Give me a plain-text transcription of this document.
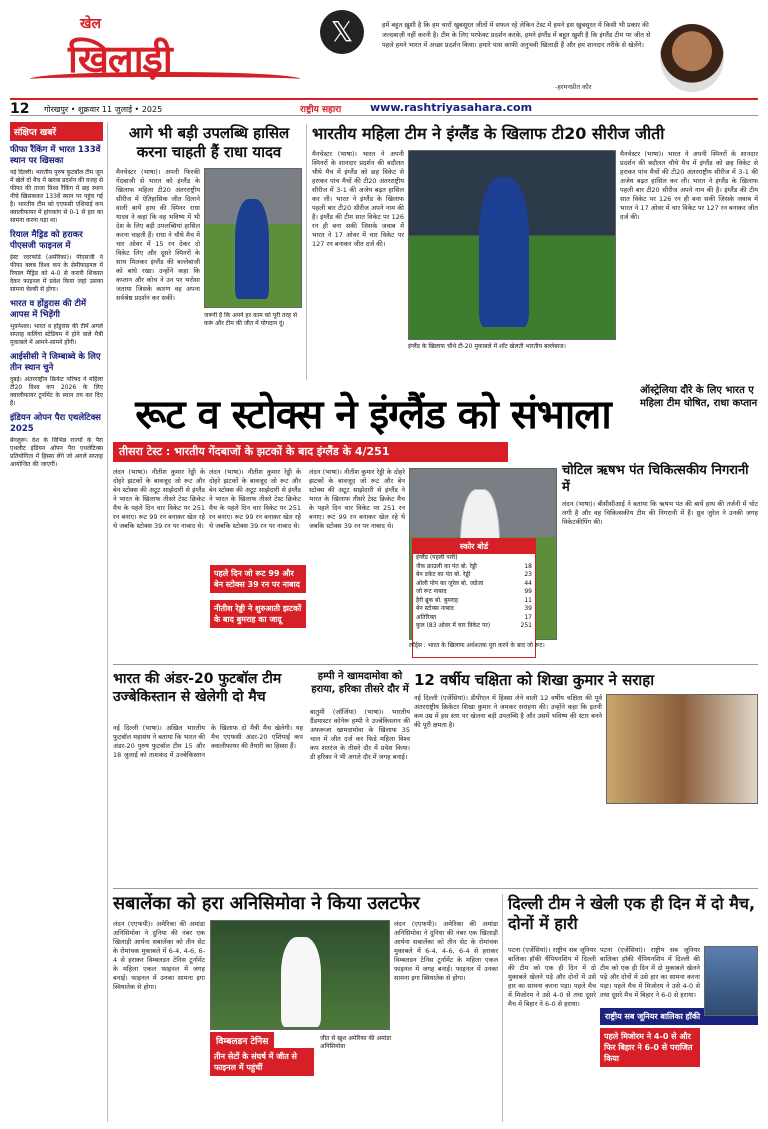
खेल
खिलाड़ी
𝕏	हमें बहुत ख़ुशी है कि हम चारों खुबसूरत जीतों में सफल रहे लेकिन टेस्ट में हमने इस खुबसूरत में किसी भी प्रकार की जल्दबाज़ी नहीं करनी है। टीम के लिए परफेक्ट प्रदर्शन करके, हमने इंग्लैंड में बहुत खुशी है कि इंग्लैंड टीम पर जीत से पहले हमने भारत में अच्छा प्रदर्शन किया। हमारे पास काफी अनुभवी खिलाड़ी हैं और हम शानदार तरीके से खेलेंगे।
-हरमनप्रीत कौर
12 गोरखपुर • शुक्रवार 11 जुलाई • 2025	राष्ट्रीय सहारा	www.rashtriyasahara.com
संक्षिप्त खबरें
फीफा रैंकिंग में भारत 133वें स्थान पर खिसका

नई दिल्ली। भारतीय पुरुष फुटबॉल टीम जून में खेले दो मैच में खराब प्रदर्शन की वजह से फीफा की ताजा विश्व रैंकिंग में छह स्थान नीचे खिसककर 133वें स्थान पर पहुंच गई है। भारतीय टीम को एएफसी एशियाई कप क्वालीफायर में हांगकांग से 0-1 से हार का सामना करना पड़ा था।

रियाल मैड्रिड को हराकर पीएसजी फाइनल में

ईस्ट रदरफोर्ड (अमेरिका)। पीएसजी ने फीफा क्लब विश्व कप के सेमीफाइनल में रियाल मैड्रिड को 4-0 से करारी शिकस्त देकर फाइनल में प्रवेश किया जहां उसका सामना चेल्सी से होगा।

भारत व होंडुरास की टीमें आपस में भिड़ेंगी

भुवनेश्वर। भारत व होंडुरास की टीमें अगले सप्ताह कलिंगा स्टेडियम में होने वाले मैत्री मुकाबले में आमने-सामने होंगी।

आईसीसी ने जिम्बाब्वे के लिए तीन स्थान चुने

दुबई। अंतरराष्ट्रीय क्रिकेट परिषद ने महिला टी20 विश्व कप 2026 के लिए क्वालीफायर टूर्नामेंट के स्थान तय कर दिए हैं।

इंडियन ओपन पैरा एथलेटिक्स 2025

बेंगलुरू। देश के विभिन्न राज्यों के पैरा एथलीट इंडियन ओपन पैरा एथलेटिक्स प्रतियोगिता में हिस्सा लेंगे जो अगले सप्ताह आयोजित की जाएगी।

आगे भी बड़ी उपलब्धि हासिल करना चाहती हैं राधा यादव
मैनचेस्टर (भाषा)। अपनी फिरकी गेंदबाजी से भारत को इंग्लैंड के खिलाफ महिला टी20 अंतरराष्ट्रीय सीरीज में ऐतिहासिक जीत दिलाने वाली बायें हाथ की स्पिनर राधा यादव ने कहा कि वह भविष्य में भी देश के लिए बड़ी उपलब्धियां हासिल करना चाहती हैं। राधा ने चौथे मैच में चार ओवर में 15 रन देकर दो विकेट लिए और दूसरे स्पिनरों के साथ मिलकर इंग्लैंड की बल्लेबाजी को बांधे रखा। उन्होंने कहा कि कप्तान और कोच ने उन पर भरोसा जताया जिसके कारण वह अपना सर्वश्रेष्ठ प्रदर्शन कर सकीं।
जरूरी है कि अपने हर काम को पूरी तरह से करूं और टीम की जीत में योगदान दूं।
भारतीय महिला टीम ने इंग्लैंड के खिलाफ टी20 सीरीज जीती
मैनचेस्टर (भाषा)। भारत ने अपनी स्पिनरों के शानदार प्रदर्शन की बदौलत चौथे मैच में इंग्लैंड को छह विकेट से हराकर पांच मैचों की टी20 अंतरराष्ट्रीय सीरीज में 3-1 की अजेय बढ़त हासिल कर ली। भारत ने इंग्लैंड के खिलाफ पहली बार टी20 सीरीज अपने नाम की है। इंग्लैंड की टीम सात विकेट पर 126 रन ही बना सकी जिसके जवाब में भारत ने 17 ओवर में चार विकेट पर 127 रन बनाकर जीत दर्ज की।
इंग्लैंड के खिलाफ चौथे टी-20 मुकाबले में शॉट खेलती भारतीय बल्लेबाज।
मैनचेस्टर (भाषा)। भारत ने अपनी स्पिनरों के शानदार प्रदर्शन की बदौलत चौथे मैच में इंग्लैंड को छह विकेट से हराकर पांच मैचों की टी20 अंतरराष्ट्रीय सीरीज में 3-1 की अजेय बढ़त हासिल कर ली। भारत ने इंग्लैंड के खिलाफ पहली बार टी20 सीरीज अपने नाम की है। इंग्लैंड की टीम सात विकेट पर 126 रन ही बना सकी जिसके जवाब में भारत ने 17 ओवर में चार विकेट पर 127 रन बनाकर जीत दर्ज की।
ऑस्ट्रेलिया दौरे के लिए भारत ए महिला टीम घोषित, राधा कप्तान
रूट व स्टोक्स ने इंग्लैंड को संभाला
तीसरा टेस्ट : भारतीय गेंदबाजों के झटकों के बाद इंग्लैंड के 4/251
लंदन (भाषा)। नीतीश कुमार रेड्डी के दोहरे झटकों के बावजूद जो रूट और बेन स्टोक्स की अटूट साझेदारी से इंग्लैंड ने भारत के खिलाफ तीसरे टेस्ट क्रिकेट मैच के पहले दिन चार विकेट पर 251 रन बनाए। रूट 99 रन बनाकर खेल रहे थे जबकि स्टोक्स 39 रन पर नाबाद थे।
लंदन (भाषा)। नीतीश कुमार रेड्डी के दोहरे झटकों के बावजूद जो रूट और बेन स्टोक्स की अटूट साझेदारी से इंग्लैंड ने भारत के खिलाफ तीसरे टेस्ट क्रिकेट मैच के पहले दिन चार विकेट पर 251 रन बनाए। रूट 99 रन बनाकर खेल रहे थे जबकि स्टोक्स 39 रन पर नाबाद थे।
पहले दिन जो रूट 99 और बेन स्टोक्स 39 रन पर नाबाद
नीतीश रेड्डी ने शुरुआती झटकों के बाद बुमराह का जादू
लंदन (भाषा)। नीतीश कुमार रेड्डी के दोहरे झटकों के बावजूद जो रूट और बेन स्टोक्स की अटूट साझेदारी से इंग्लैंड ने भारत के खिलाफ तीसरे टेस्ट क्रिकेट मैच के पहले दिन चार विकेट पर 251 रन बनाए। रूट 99 रन बनाकर खेल रहे थे जबकि स्टोक्स 39 रन पर नाबाद थे।
स्कोर बोर्ड
इंग्लैंड (पहली पारी)
जैक क्राउली का पंत बो. रेड्डी	18
बेन डकेट का पंत बो. रेड्डी	23
ओली पोप का जुरेल बो. जडेजा	44
जो रूट नाबाद	99
हैरी ब्रूक बो. बुमराह	11
बेन स्टोक्स नाबाद	39
अतिरिक्त	17
कुल (83 ओवर में चार विकेट पर)	251
लॉर्ड्स : भारत के खिलाफ अर्धशतक पूरा करने के बाद जो रूट।
चोटिल ऋषभ पंत चिकित्सकीय निगरानी में
लंदन (भाषा)। बीसीसीआई ने बताया कि ऋषभ पंत की बायें हाथ की तर्जनी में चोट लगी है और वह चिकित्सकीय टीम की निगरानी में हैं। ध्रुव जुरेल ने उनकी जगह विकेटकीपिंग की।
भारत की अंडर-20 फुटबॉल टीम उज्बेकिस्तान से खेलेगी दो मैच
नई दिल्ली (भाषा)। अखिल भारतीय फुटबॉल महासंघ ने बताया कि भारत की अंडर-20 पुरुष फुटबॉल टीम 15 और 18 जुलाई को ताशकंद में उज्बेकिस्तान के खिलाफ दो मैत्री मैच खेलेगी। यह मैच एएफसी अंडर-20 एशियाई कप क्वालीफायर की तैयारी का हिस्सा हैं।
हम्पी ने खामदामोवा को हराया, हरिका तीसरे दौर में
बातुमी (जॉर्जिया) (भाषा)। भारतीय ग्रैंडमास्टर कोनेरू हम्पी ने उज्बेकिस्तान की अफरूजा खामदामोवा के खिलाफ 35 चाल में जीत दर्ज कर फिडे महिला विश्व कप शतरंज के तीसरे दौर में प्रवेश किया। डी हरिका ने भी अगले दौर में जगह बनाई।
12 वर्षीय चक्षिता को शिखा कुमार ने सराहा
नई दिल्ली (एजेंसियां)। डीपीएल में हिस्सा लेने वाली 12 वर्षीय चक्षिता की पूर्व अंतरराष्ट्रीय क्रिकेटर शिखा कुमार ने जमकर सराहना की। उन्होंने कहा कि इतनी कम उम्र में इस स्तर पर खेलना बड़ी उपलब्धि है और उसमें भविष्य की स्टार बनने की पूरी क्षमता है।
सबालेंका को हरा अनिसिमोवा ने किया उलटफेर
लंदन (एएफपी)। अमेरिका की अमांडा अनिसिमोवा ने दुनिया की नंबर एक खिलाड़ी आर्यना सबालेंका को तीन सेट के रोमांचक मुकाबले में 6-4, 4-6, 6-4 से हराकर विम्बलडन टेनिस टूर्नामेंट के महिला एकल फाइनल में जगह बनाई। फाइनल में उनका सामना इगा स्वियातेक से होगा।
विम्बलडन टेनिस
तीन सेटों के संघर्ष में जीत से फाइनल में पहुंचीं
जीत से खुश अमेरिका की अमांडा अनिसिमोवा
लंदन (एएफपी)। अमेरिका की अमांडा अनिसिमोवा ने दुनिया की नंबर एक खिलाड़ी आर्यना सबालेंका को तीन सेट के रोमांचक मुकाबले में 6-4, 4-6, 6-4 से हराकर विम्बलडन टेनिस टूर्नामेंट के महिला एकल फाइनल में जगह बनाई। फाइनल में उनका सामना इगा स्वियातेक से होगा।
दिल्ली टीम ने खेली एक ही दिन में दो मैच, दोनों में हारी
पटना (एजेंसियां)। राष्ट्रीय सब जूनियर बालिका हॉकी चैंपियनशिप में दिल्ली की टीम को एक ही दिन में दो मुकाबले खेलने पड़े और दोनों में उसे हार का सामना करना पड़ा। पहले मैच में मिजोरम ने उसे 4-0 से तथा दूसरे मैच में बिहार ने 6-0 से हराया।
राष्ट्रीय सब जूनियर बालिका हॉकी
पहले मिजोरम ने 4-0 से और फिर बिहार ने 6-0 से पराजित किया
पटना (एजेंसियां)। राष्ट्रीय सब जूनियर बालिका हॉकी चैंपियनशिप में दिल्ली की टीम को एक ही दिन में दो मुकाबले खेलने पड़े और दोनों में उसे हार का सामना करना पड़ा। पहले मैच में मिजोरम ने उसे 4-0 से तथा दूसरे मैच में बिहार ने 6-0 से हराया।
